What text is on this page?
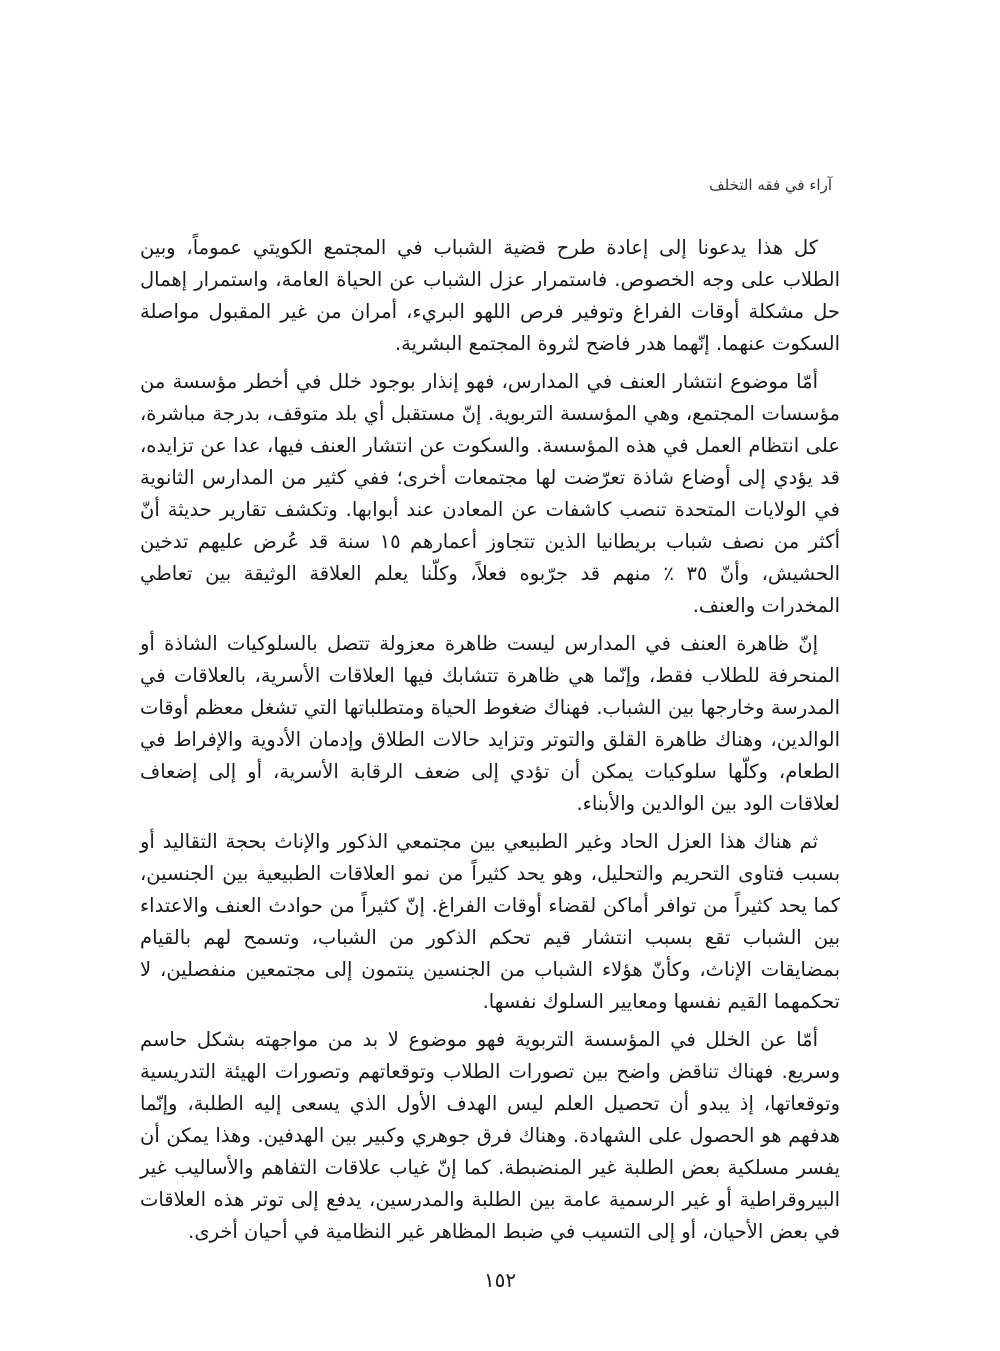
آراء في فقه التخلف

كل هذا يدعونا إلى إعادة طرح قضية الشباب في المجتمع الكويتي عموماً، وبين الطلاب على وجه الخصوص. فاستمرار عزل الشباب عن الحياة العامة، واستمرار إهمال حل مشكلة أوقات الفراغ وتوفير فرص اللهو البريء، أمران من غير المقبول مواصلة السكوت عنهما. إنّهما هدر فاضح لثروة المجتمع البشرية.

أمّا موضوع انتشار العنف في المدارس، فهو إنذار بوجود خلل في أخطر مؤسسة من مؤسسات المجتمع، وهي المؤسسة التربوية. إنّ مستقبل أي بلد متوقف، بدرجة مباشرة، على انتظام العمل في هذه المؤسسة. والسكوت عن انتشار العنف فيها، عدا عن تزايده، قد يؤدي إلى أوضاع شاذة تعرّضت لها مجتمعات أخرى؛ ففي كثير من المدارس الثانوية في الولايات المتحدة تنصب كاشفات عن المعادن عند أبوابها. وتكشف تقارير حديثة أنّ أكثر من نصف شباب بريطانيا الذين تتجاوز أعمارهم ١٥ سنة قد عُرض عليهم تدخين الحشيش، وأنّ ٣٥ ٪ منهم قد جرّبوه فعلاً، وكلّنا يعلم العلاقة الوثيقة بين تعاطي المخدرات والعنف.

إنّ ظاهرة العنف في المدارس ليست ظاهرة معزولة تتصل بالسلوكيات الشاذة أو المنحرفة للطلاب فقط، وإنّما هي ظاهرة تتشابك فيها العلاقات الأسرية، بالعلاقات في المدرسة وخارجها بين الشباب. فهناك ضغوط الحياة ومتطلباتها التي تشغل معظم أوقات الوالدين، وهناك ظاهرة القلق والتوتر وتزايد حالات الطلاق وإدمان الأدوية والإفراط في الطعام، وكلّها سلوكيات يمكن أن تؤدي إلى ضعف الرقابة الأسرية، أو إلى إضعاف لعلاقات الود بين الوالدين والأبناء.

ثم هناك هذا العزل الحاد وغير الطبيعي بين مجتمعي الذكور والإناث بحجة التقاليد أو بسبب فتاوى التحريم والتحليل، وهو يحد كثيراً من نمو العلاقات الطبيعية بين الجنسين، كما يحد كثيراً من توافر أماكن لقضاء أوقات الفراغ. إنّ كثيراً من حوادث العنف والاعتداء بين الشباب تقع بسبب انتشار قيم تحكم الذكور من الشباب، وتسمح لهم بالقيام بمضايقات الإناث، وكأنّ هؤلاء الشباب من الجنسين ينتمون إلى مجتمعين منفصلين، لا تحكمهما القيم نفسها ومعايير السلوك نفسها.

أمّا عن الخلل في المؤسسة التربوية فهو موضوع لا بد من مواجهته بشكل حاسم وسريع. فهناك تناقض واضح بين تصورات الطلاب وتوقعاتهم وتصورات الهيئة التدريسية وتوقعاتها، إذ يبدو أن تحصيل العلم ليس الهدف الأول الذي يسعى إليه الطلبة، وإنّما هدفهم هو الحصول على الشهادة. وهناك فرق جوهري وكبير بين الهدفين. وهذا يمكن أن يفسر مسلكية بعض الطلبة غير المنضبطة. كما إنّ غياب علاقات التفاهم والأساليب غير البيروقراطية أو غير الرسمية عامة بين الطلبة والمدرسين، يدفع إلى توتر هذه العلاقات في بعض الأحيان، أو إلى التسيب في ضبط المظاهر غير النظامية في أحيان أخرى.

١٥٢
